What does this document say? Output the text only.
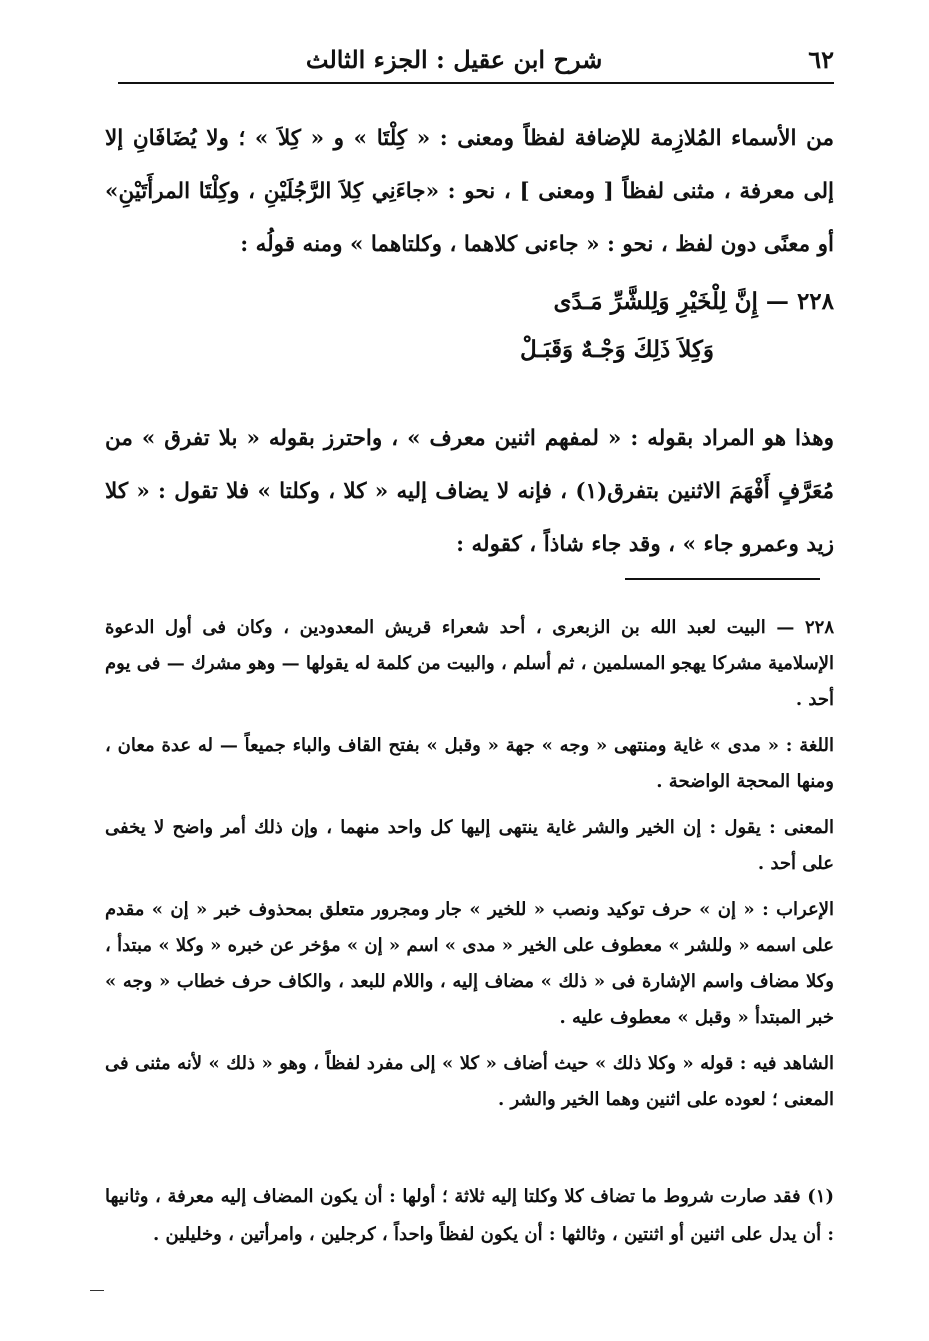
٦٢
شرح ابن عقيل : الجزء الثالث

من الأسماء المُلازِمة للإضافة لفظاً ومعنى : « كِلْتَا » و « كِلاَ » ؛ ولا يُضَافَانِ إلا إلى معرفة ، مثنى لفظاً [ ومعنى ] ، نحو : «جاءَنِي كِلاَ الرَّجُلَيْنِ ، وكِلْتَا المرأَتَيْنِ» أو معنًى دون لفظ ، نحو : « جاءنى كلاهما ، وكلتاهما » ومنه قولُه :

٢٢٨ — إِنَّ لِلْخَيْرِ وَلِلشَّرِّ مَـدًى
وَكِلاَ ذَلِكَ وَجْـهٌ وَقَبَـلْ

وهذا هو المراد بقوله : « لمفهم اثنين معرف » ، واحترز بقوله « بلا تفرق » من مُعَرَّفٍ أَفْهَمَ الاثنين بتفرق(١) ، فإنه لا يضاف إليه « كلا ، وكلتا » فلا تقول : « كلا زيد وعمرو جاء » ، وقد جاء شاذاً ، كقوله :

٢٢٨ — البيت لعبد الله بن الزبعرى ، أحد شعراء قريش المعدودين ، وكان فى أول الدعوة الإسلامية مشركا يهجو المسلمين ، ثم أسلم ، والبيت من كلمة له يقولها — وهو مشرك — فى يوم أحد .

اللغة : « مدى » غاية ومنتهى « وجه » جهة « وقبل » بفتح القاف والباء جميعاً — له عدة معان ، ومنها المحجة الواضحة .

المعنى : يقول : إن الخير والشر غاية ينتهى إليها كل واحد منهما ، وإن ذلك أمر واضح لا يخفى على أحد .

الإعراب : « إن » حرف توكيد ونصب « للخير » جار ومجرور متعلق بمحذوف خبر « إن » مقدم على اسمه « وللشر » معطوف على الخير « مدى » اسم « إن » مؤخر عن خبره « وكلا » مبتدأ ، وكلا مضاف واسم الإشارة فى « ذلك » مضاف إليه ، واللام للبعد ، والكاف حرف خطاب « وجه » خبر المبتدأ « وقبل » معطوف عليه .

الشاهد فيه : قوله « وكلا ذلك » حيث أضاف « كلا » إلى مفرد لفظاً ، وهو « ذلك » لأنه مثنى فى المعنى ؛ لعوده على اثنين وهما الخير والشر .

(١) فقد صارت شروط ما تضاف كلا وكلتا إليه ثلاثة ؛ أولها : أن يكون المضاف إليه معرفة ، وثانيها : أن يدل على اثنين أو اثنتين ، وثالثها : أن يكون لفظاً واحداً ، كرجلين ، وامرأتين ، وخليلين .
